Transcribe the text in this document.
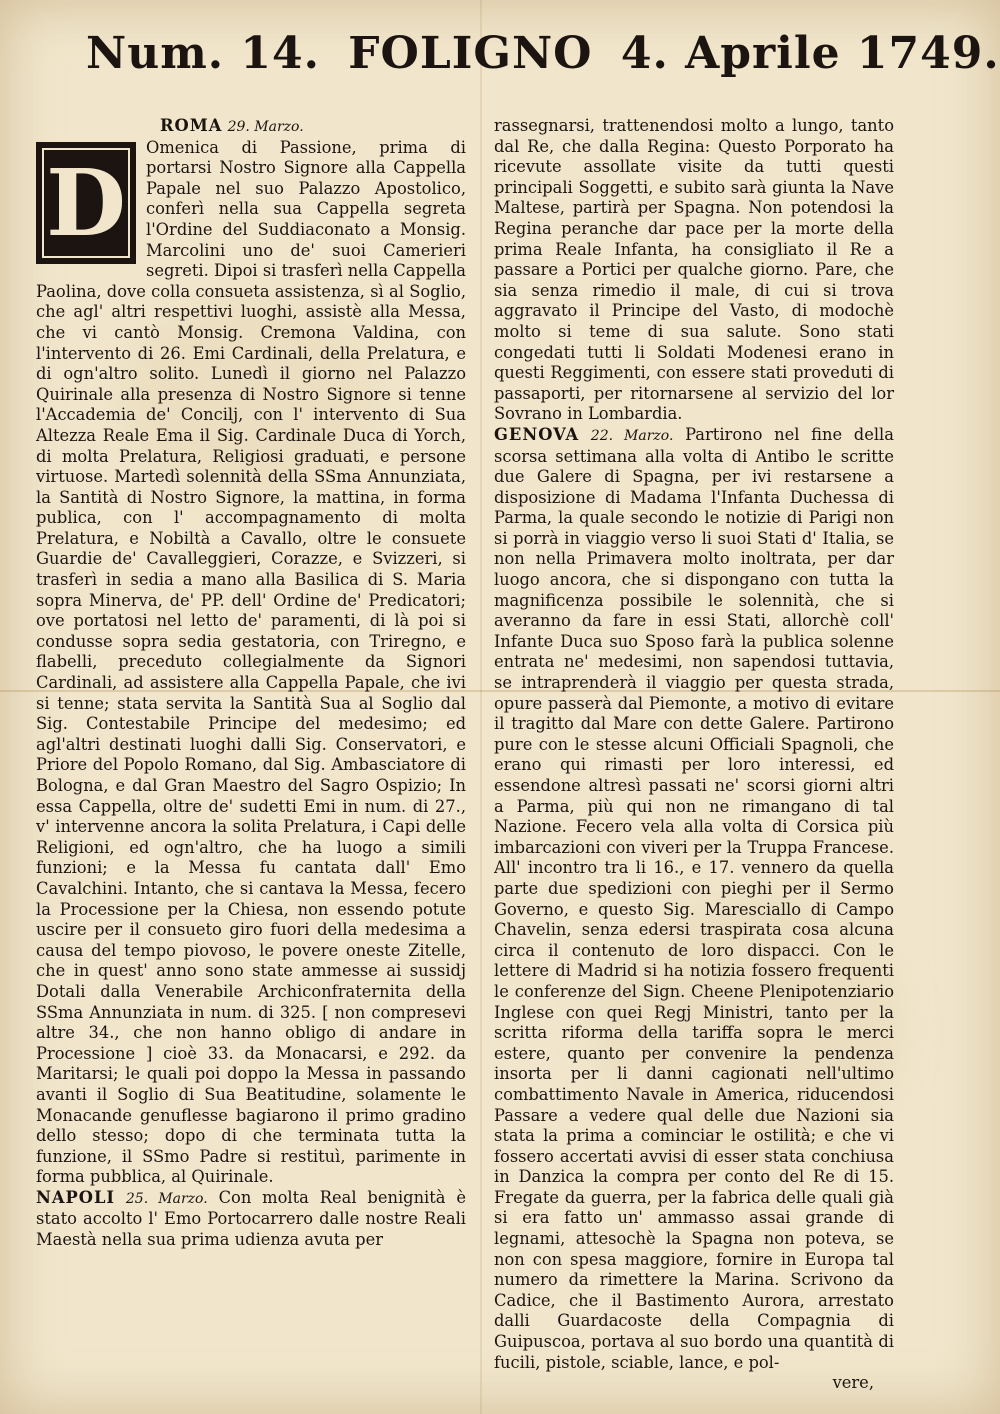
Num. 14. FOLIGNO 4. Aprile 1749.

ROMA 29. Marzo.

D

Omenica di Passione, prima di portarsi Nostro Signore alla Cappella Papale nel suo Palazzo Apostolico, conferì nella sua Cappella segreta l'Ordine del Suddiaconato a Monsig. Marcolini uno de' suoi Camerieri segreti. Dipoi si trasferì nella Cappella Paolina, dove colla consueta assistenza, sì al Soglio, che agl' altri respettivi luoghi, assistè alla Messa, che vi cantò Monsig. Cremona Valdina, con l'intervento di 26. Emi Cardinali, della Prelatura, e di ogn'altro solito. Lunedì il giorno nel Palazzo Quirinale alla presenza di Nostro Signore si tenne l'Accademia de' Concilj, con l' intervento di Sua Altezza Reale Emа il Sig. Cardinale Duca di Yorch, di molta Prelatura, Religiosi graduati, e persone virtuose. Martedì solennità della SSma Annunziata, la Santità di Nostro Signore, la mattina, in forma publica, con l' accompagnamento di molta Prelatura, e Nobiltà a Cavallo, oltre le consuete Guardie de' Cavalleggieri, Corazze, e Svizzeri, si trasferì in sedia a mano alla Basilica di S. Maria sopra Minerva, de' PP. dell' Ordine de' Predicatori; ove portatosi nel letto de' paramenti, di là poi si condusse sopra sedia gestatoria, con Triregno, e flabelli, preceduto collegialmente da Signori Cardinali, ad assistere alla Cappella Papale, che ivi si tenne; stata servita la Santità Sua al Soglio dal Sig. Contestabile Principe del medesimo; ed agl'altri destinati luoghi dalli Sig. Conservatori, e Priore del Popolo Romano, dal Sig. Ambasciatore di Bologna, e dal Gran Maestro del Sagro Ospizio; In essa Cappella, oltre de' sudetti Emi in num. di 27., v' intervenne ancora la solita Prelatura, i Capi delle Religioni, ed ogn'altro, che ha luogo a simili funzioni; e la Messa fu cantata dall' Emo Cavalchini. Intanto, che si cantava la Messa, fecero la Processione per la Chiesa, non essendo potute uscire per il consueto giro fuori della medesima a causa del tempo piovoso, le povere oneste Zitelle, che in quest' anno sono state ammesse ai sussidj Dotali dalla Venerabile Archiconfraternita della SSma Annunziata in num. di 325. [ non compresevi altre 34., che non hanno obligo di andare in Processione ] cioè 33. da Monacarsi, e 292. da Maritarsi; le quali poi doppo la Messa in passando avanti il Soglio di Sua Beatitudine, solamente le Monacande genuflesse bagiarono il primo gradino dello stesso; dopo di che terminata tutta la funzione, il SSmo Padre si restituì, parimente in forma pubblica, al Quirinale.

NAPOLI 25. Marzo. Con molta Real benignità è stato accolto l' Emo Portocarrero dalle nostre Reali Maestà nella sua prima udienza avuta per

rassegnarsi, trattenendosi molto a lungo, tanto dal Re, che dalla Regina: Questo Porporato ha ricevute assollate visite da tutti questi principali Soggetti, e subito sarà giunta la Nave Maltese, partirà per Spagna. Non potendosi la Regina peranche dar pace per la morte della prima Reale Infanta, ha consigliato il Re a passare a Portici per qualche giorno. Pare, che sia senza rimedio il male, di cui si trova aggravato il Principe del Vasto, di modochè molto si teme di sua salute. Sono stati congedati tutti li Soldati Modenesi erano in questi Reggimenti, con essere stati proveduti di passaporti, per ritornarsene al servizio del lor Sovrano in Lombardia.

GENOVA 22. Marzo. Partirono nel fine della scorsa settimana alla volta di Antibo le scritte due Galere di Spagna, per ivi restarsene a disposizione di Madama l'Infanta Duchessa di Parma, la quale secondo le notizie di Parigi non si porrà in viaggio verso li suoi Stati d' Italia, se non nella Primavera molto inoltrata, per dar luogo ancora, che si dispongano con tutta la magnificenza possibile le solennità, che si averanno da fare in essi Stati, allorchè coll' Infante Duca suo Sposo farà la publica solenne entrata ne' medesimi, non sapendosi tuttavia, se intraprenderà il viaggio per questa strada, opure passerà dal Piemonte, a motivo di evitare il tragitto dal Mare con dette Galere. Partirono pure con le stesse alcuni Officiali Spagnoli, che erano qui rimasti per loro interessi, ed essendone altresì passati ne' scorsi giorni altri a Parma, più qui non ne rimangano di tal Nazione. Fecero vela alla volta di Corsica più imbarcazioni con viveri per la Truppa Francese. All' incontro tra li 16., e 17. vennero da quella parte due spedizioni con pieghi per il Sermo Governo, e questo Sig. Maresciallo di Campo Chavelin, senza edersi traspirata cosa alcuna circa il contenuto de loro dispacci. Con le lettere di Madrid si ha notizia fossero frequenti le conferenze del Sign. Cheene Plenipotenziario Inglese con quei Regj Ministri, tanto per la scritta riforma della tariffa sopra le merci estere, quanto per convenire la pendenza insorta per li danni cagionati nell'ultimo combattimento Navale in America, riducendosi Passare a vedere qual delle due Nazioni sia stata la prima a cominciar le ostilità; e che vi fossero accertati avvisi di esser stata conchiusa in Danzica la compra per conto del Re di 15. Fregate da guerra, per la fabrica delle quali già si era fatto un' ammasso assai grande di legnami, attesochè la Spagna non poteva, se non con spesa maggiore, fornire in Europa tal numero da rimettere la Marina. Scrivono da Cadice, che il Bastimento Aurora, arrestato dalli Guardacoste della Compagnia di Guipuscoa, portava al suo bordo una quantità di fucili, pistole, sciable, lance, e pol-

vere,
